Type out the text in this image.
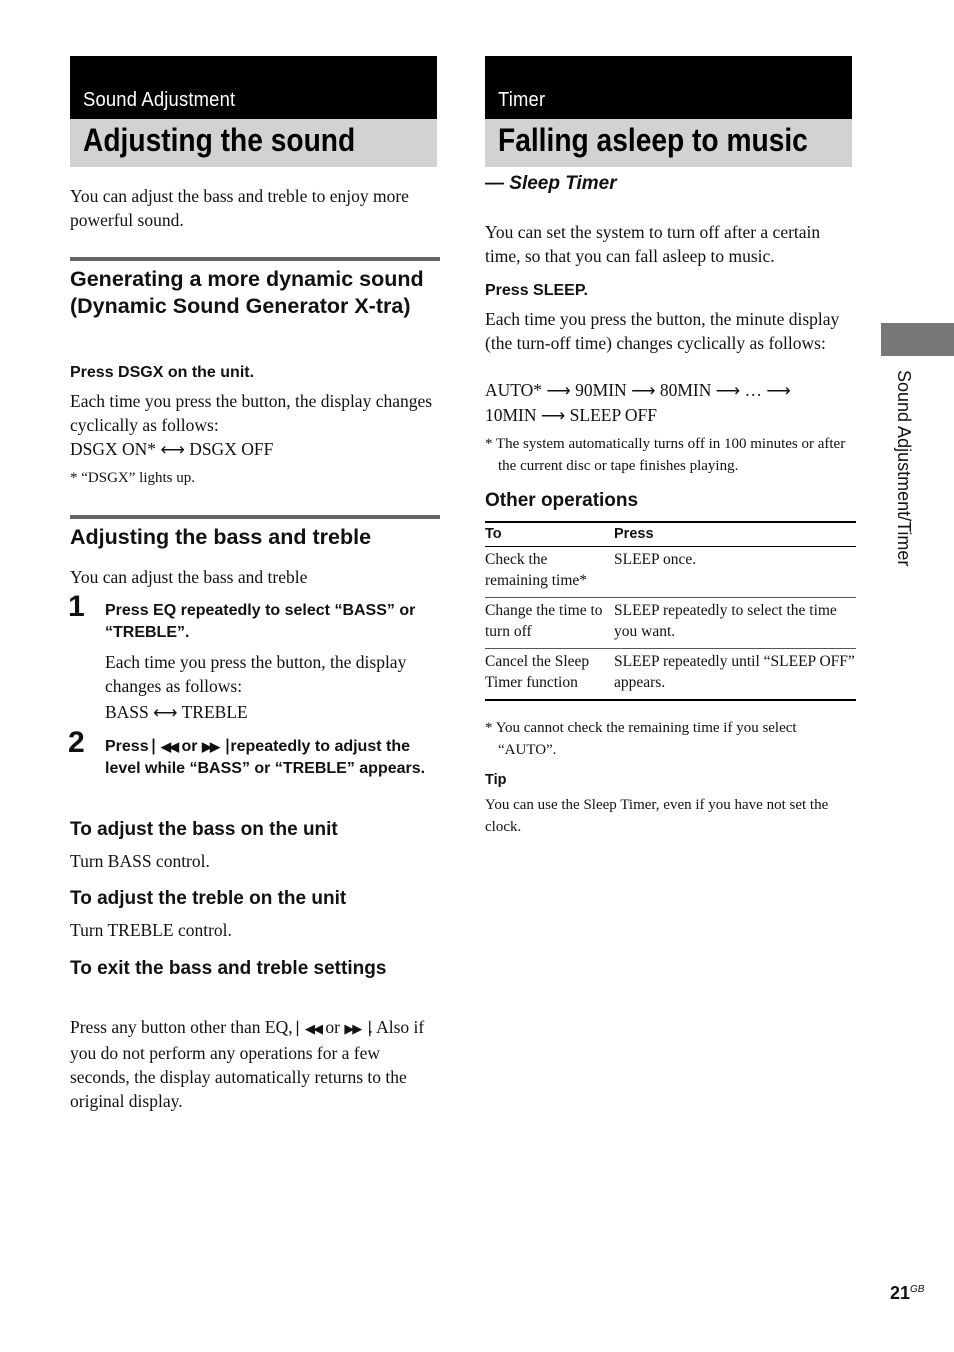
Sound Adjustment
Adjusting the sound

You can adjust the bass and treble to enjoy more powerful sound.

Generating a more dynamic sound (Dynamic Sound Generator X-tra)

Press DSGX on the unit.

Each time you press the button, the display changes cyclically as follows:

DSGX ON* ⟷ DSGX OFF

* “DSGX” lights up.

Adjusting the bass and treble

You can adjust the bass and treble

1 Press EQ repeatedly to select “BASS” or “TREBLE”.

Each time you press the button, the display changes as follows:

BASS ⟷ TREBLE

2 Press ▏◀◀ or ▶▶▕ repeatedly to adjust the level while “BASS” or “TREBLE” appears.

To adjust the bass on the unit

Turn BASS control.

To adjust the treble on the unit

Turn TREBLE control.

To exit the bass and treble settings

Press any button other than EQ, ▏◀◀ or ▶▶▕. Also if you do not perform any operations for a few seconds, the display automatically returns to the original display.

Timer
Falling asleep to music

— Sleep Timer

You can set the system to turn off after a certain time, so that you can fall asleep to music.

Press SLEEP.

Each time you press the button, the minute display (the turn-off time) changes cyclically as follows:

AUTO* ⟶ 90MIN ⟶ 80MIN ⟶ … ⟶ 10MIN ⟶ SLEEP OFF

* The system automatically turns off in 100 minutes or after the current disc or tape finishes playing.

Other operations

To	Press
Check the remaining time*	SLEEP once.
Change the time to turn off	SLEEP repeatedly to select the time you want.
Cancel the Sleep Timer function	SLEEP repeatedly until “SLEEP OFF” appears.

* You cannot check the remaining time if you select “AUTO”.

Tip

You can use the Sleep Timer, even if you have not set the clock.

Sound Adjustment/Timer
$21^{GB}$
